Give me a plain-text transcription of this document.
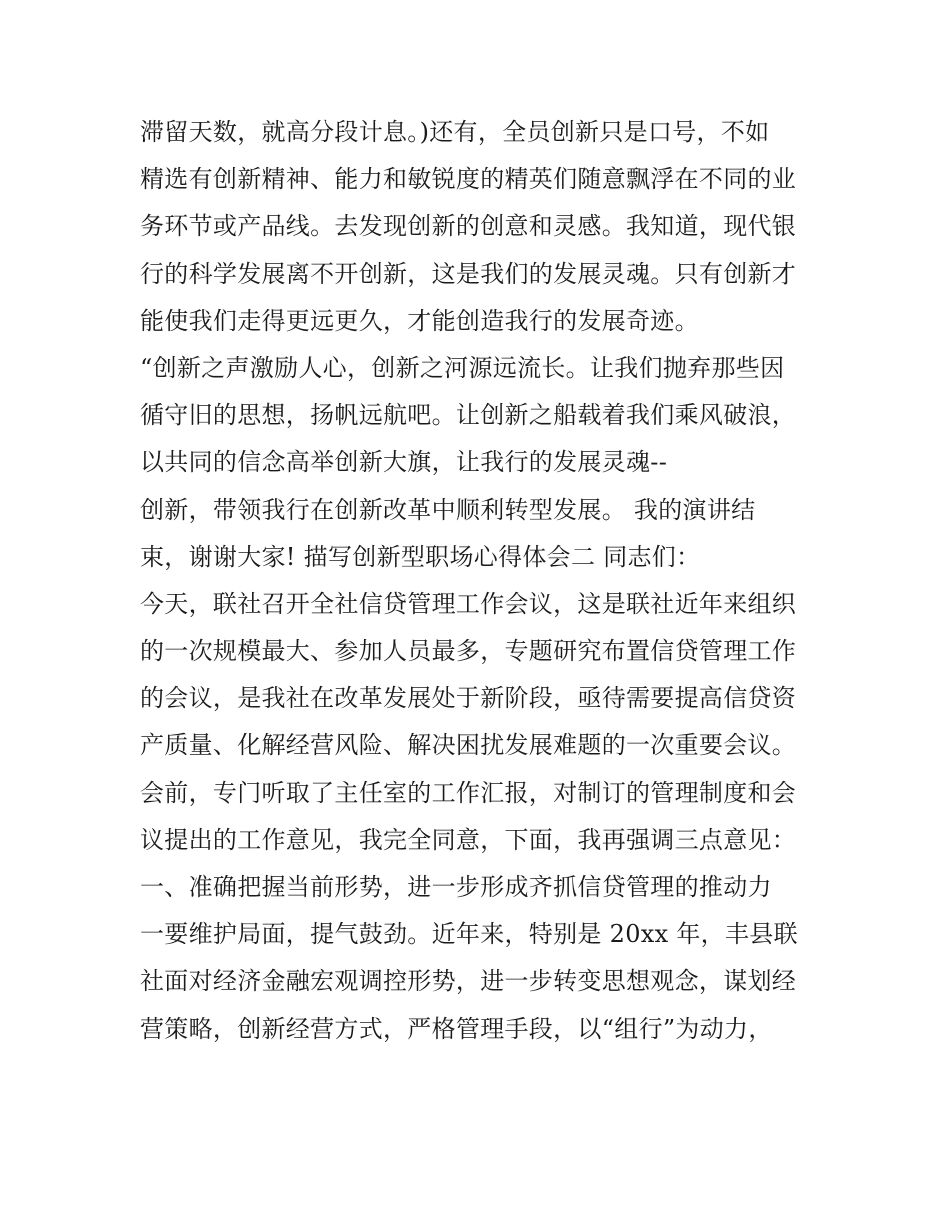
滞留天数，就高分段计息。)还有，全员创新只是口号，不如
精选有创新精神、能力和敏锐度的精英们随意飘浮在不同的业
务环节或产品线。去发现创新的创意和灵感。我知道，现代银
行的科学发展离不开创新，这是我们的发展灵魂。只有创新才
能使我们走得更远更久，才能创造我行的发展奇迹。
“创新之声激励人心，创新之河源远流长。让我们抛弃那些因
循守旧的思想，扬帆远航吧。让创新之船载着我们乘风破浪，
以共同的信念高举创新大旗，让我行的发展灵魂--
创新，带领我行在创新改革中顺利转型发展。 我的演讲结
束，谢谢大家! 描写创新型职场心得体会二 同志们：
今天，联社召开全社信贷管理工作会议，这是联社近年来组织
的一次规模最大、参加人员最多，专题研究布置信贷管理工作
的会议，是我社在改革发展处于新阶段，亟待需要提高信贷资
产质量、化解经营风险、解决困扰发展难题的一次重要会议。
会前，专门听取了主任室的工作汇报，对制订的管理制度和会
议提出的工作意见，我完全同意，下面，我再强调三点意见：
一、准确把握当前形势，进一步形成齐抓信贷管理的推动力
一要维护局面，提气鼓劲。近年来，特别是 20xx 年，丰县联
社面对经济金融宏观调控形势，进一步转变思想观念，谋划经
营策略，创新经营方式，严格管理手段，以“组行”为动力，
